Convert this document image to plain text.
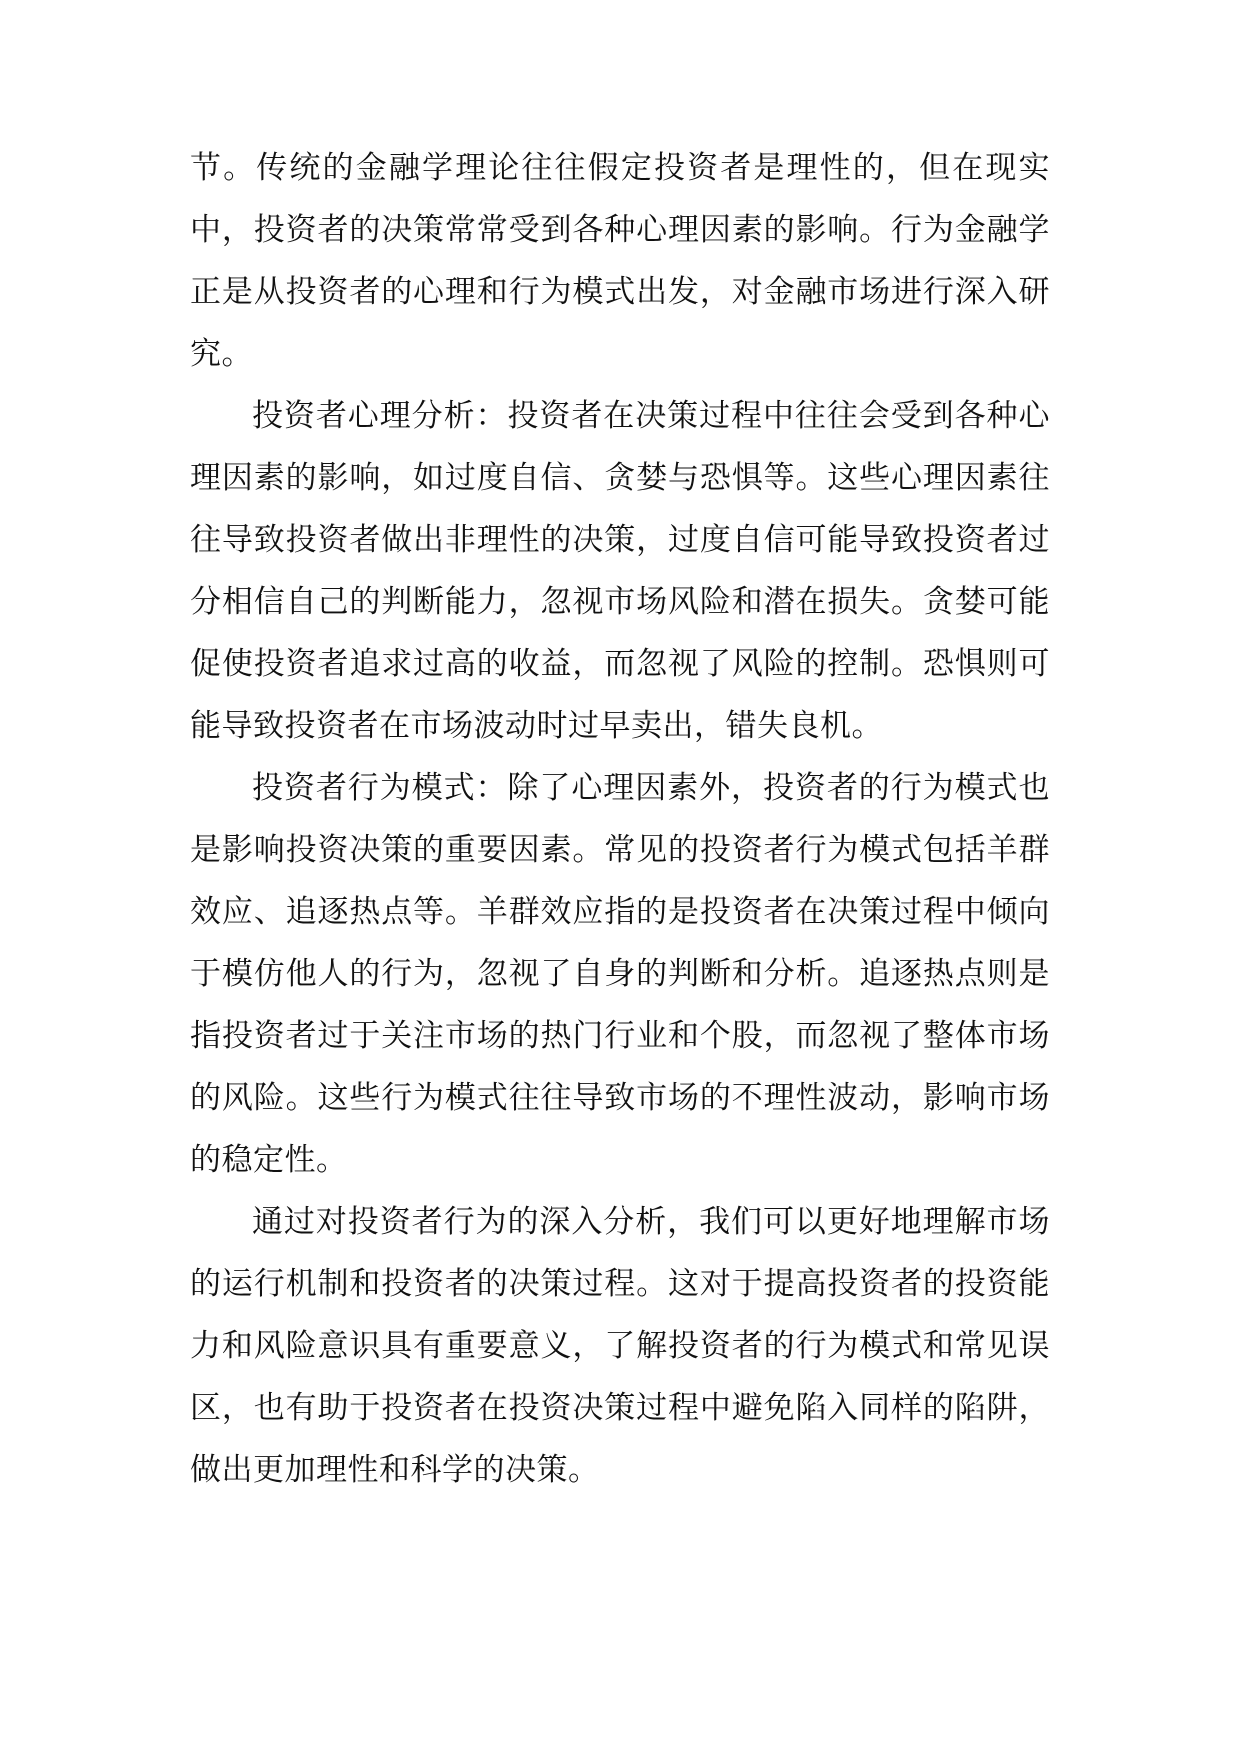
节。传统的金融学理论往往假定投资者是理性的，但在现实中，投资者的决策常常受到各种心理因素的影响。行为金融学正是从投资者的心理和行为模式出发，对金融市场进行深入研究。

投资者心理分析：投资者在决策过程中往往会受到各种心理因素的影响，如过度自信、贪婪与恐惧等。这些心理因素往往导致投资者做出非理性的决策，过度自信可能导致投资者过分相信自己的判断能力，忽视市场风险和潜在损失。贪婪可能促使投资者追求过高的收益，而忽视了风险的控制。恐惧则可能导致投资者在市场波动时过早卖出，错失良机。

投资者行为模式：除了心理因素外，投资者的行为模式也是影响投资决策的重要因素。常见的投资者行为模式包括羊群效应、追逐热点等。羊群效应指的是投资者在决策过程中倾向于模仿他人的行为，忽视了自身的判断和分析。追逐热点则是指投资者过于关注市场的热门行业和个股，而忽视了整体市场的风险。这些行为模式往往导致市场的不理性波动，影响市场的稳定性。

通过对投资者行为的深入分析，我们可以更好地理解市场的运行机制和投资者的决策过程。这对于提高投资者的投资能力和风险意识具有重要意义，了解投资者的行为模式和常见误区，也有助于投资者在投资决策过程中避免陷入同样的陷阱，做出更加理性和科学的决策。
